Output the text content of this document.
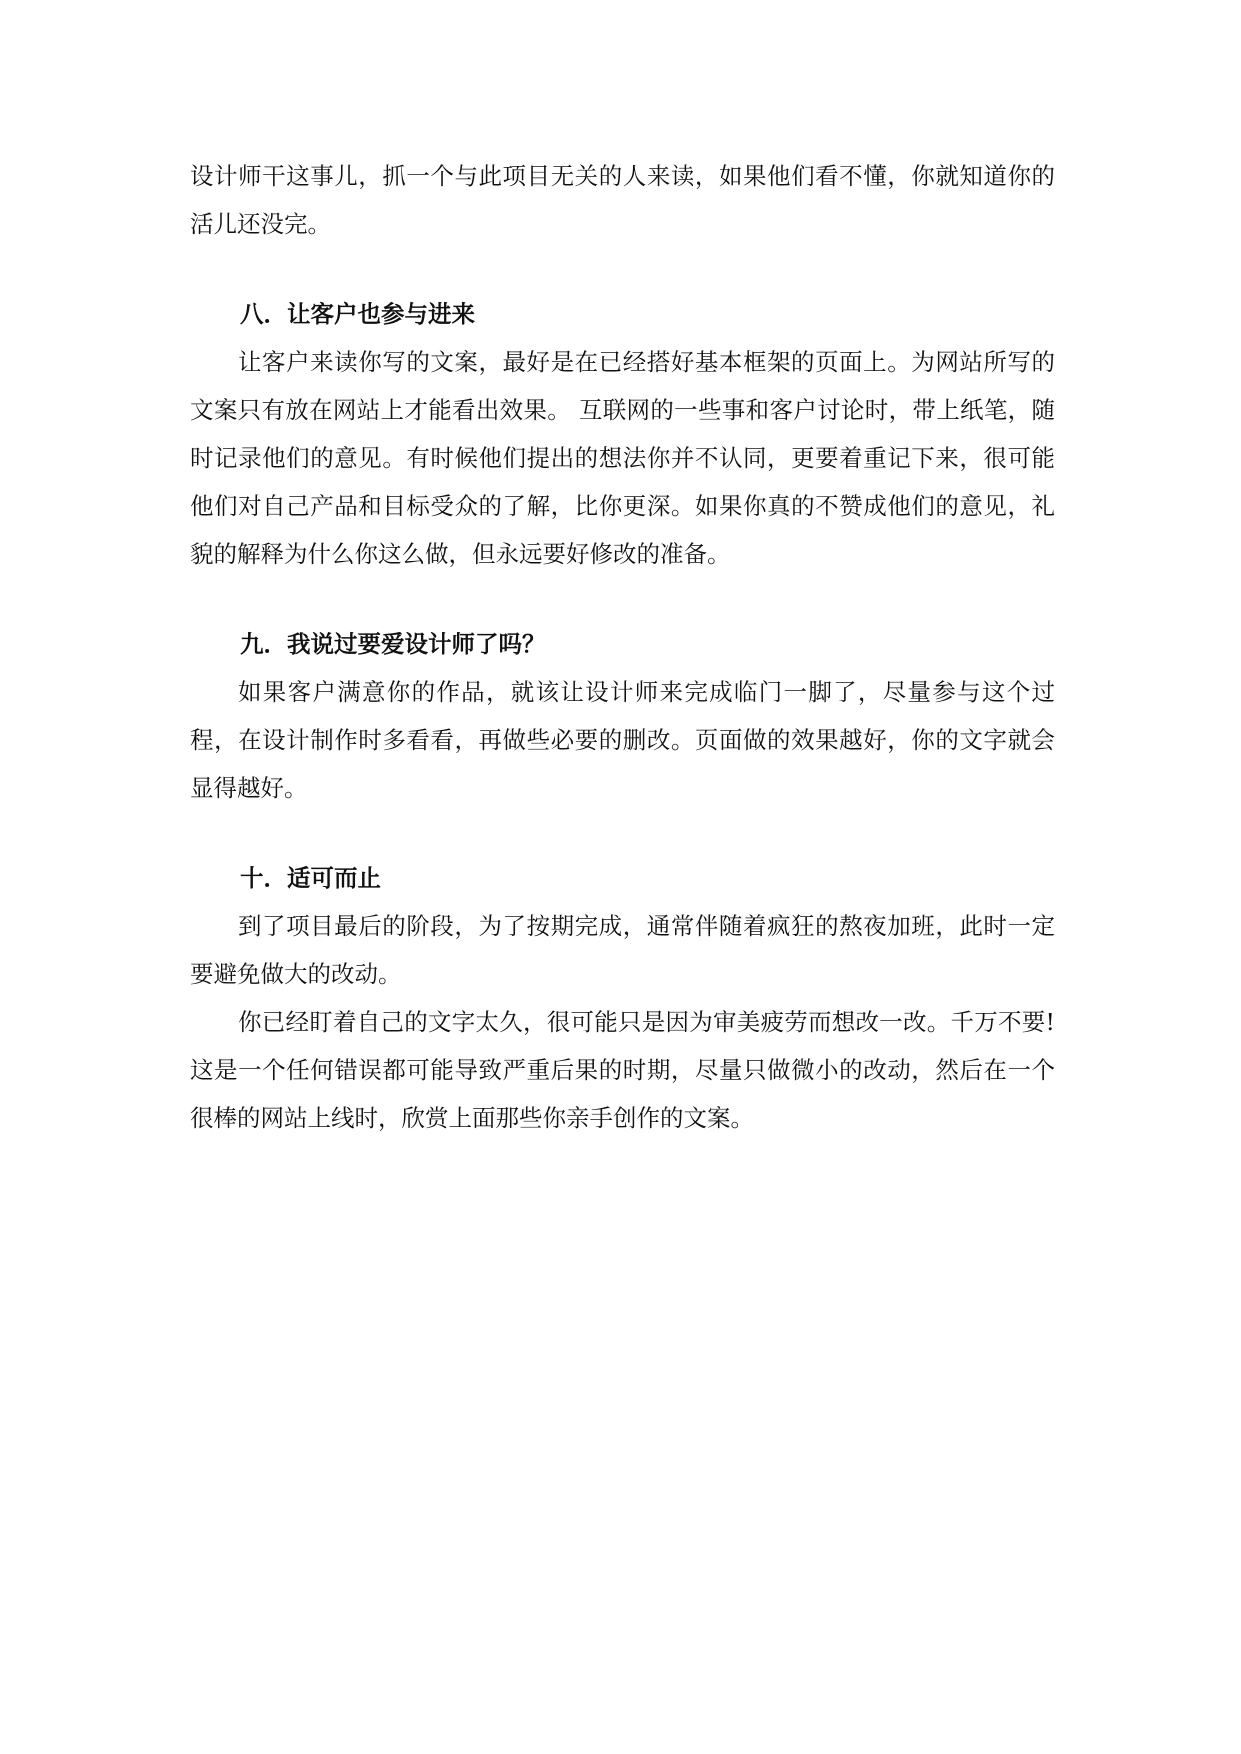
设计师干这事儿，抓一个与此项目无关的人来读，如果他们看不懂，你就知道你的活儿还没完。

八．让客户也参与进来

让客户来读你写的文案，最好是在已经搭好基本框架的页面上。为网站所写的文案只有放在网站上才能看出效果。 互联网的一些事和客户讨论时，带上纸笔，随时记录他们的意见。有时候他们提出的想法你并不认同，更要着重记下来，很可能他们对自己产品和目标受众的了解，比你更深。如果你真的不赞成他们的意见，礼貌的解释为什么你这么做，但永远要好修改的准备。

九．我说过要爱设计师了吗？

如果客户满意你的作品，就该让设计师来完成临门一脚了，尽量参与这个过程，在设计制作时多看看，再做些必要的删改。页面做的效果越好，你的文字就会显得越好。

十．适可而止

到了项目最后的阶段，为了按期完成，通常伴随着疯狂的熬夜加班，此时一定要避免做大的改动。

你已经盯着自己的文字太久，很可能只是因为审美疲劳而想改一改。千万不要!这是一个任何错误都可能导致严重后果的时期，尽量只做微小的改动，然后在一个很棒的网站上线时，欣赏上面那些你亲手创作的文案。
